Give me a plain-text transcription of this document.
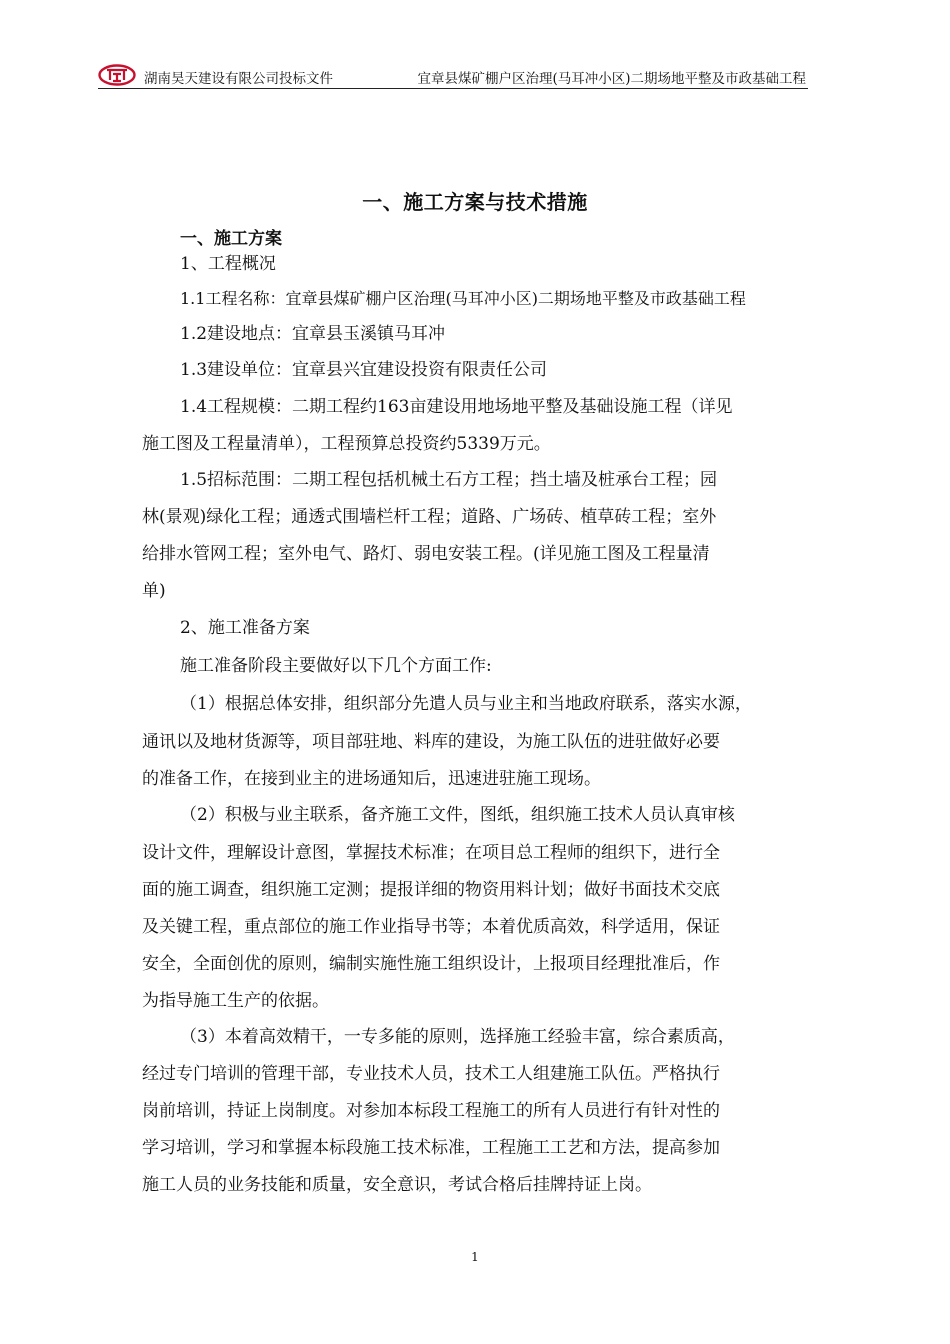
湖南昊天建设有限公司投标文件	宜章县煤矿棚户区治理(马耳冲小区)二期场地平整及市政基础工程
一、施工方案与技术措施
一、施工方案
1、工程概况
1.1工程名称：宜章县煤矿棚户区治理(马耳冲小区)二期场地平整及市政基础工程
1.2建设地点：宜章县玉溪镇马耳冲
1.3建设单位：宜章县兴宜建设投资有限责任公司
1.4工程规模：二期工程约163亩建设用地场地平整及基础设施工程（详见
施工图及工程量清单），工程预算总投资约5339万元。
1.5招标范围：二期工程包括机械土石方工程；挡土墙及桩承台工程；园
林(景观)绿化工程；通透式围墙栏杆工程；道路、广场砖、植草砖工程；室外
给排水管网工程；室外电气、路灯、弱电安装工程。(详见施工图及工程量清
单)
2、施工准备方案
施工准备阶段主要做好以下几个方面工作:
（1）根据总体安排，组织部分先遣人员与业主和当地政府联系，落实水源，
通讯以及地材货源等，项目部驻地、料库的建设，为施工队伍的进驻做好必要
的准备工作，在接到业主的进场通知后，迅速进驻施工现场。
（2）积极与业主联系，备齐施工文件，图纸，组织施工技术人员认真审核
设计文件，理解设计意图，掌握技术标准；在项目总工程师的组织下，进行全
面的施工调查，组织施工定测；提报详细的物资用料计划；做好书面技术交底
及关键工程，重点部位的施工作业指导书等；本着优质高效，科学适用，保证
安全，全面创优的原则，编制实施性施工组织设计，上报项目经理批准后，作
为指导施工生产的依据。
（3）本着高效精干，一专多能的原则，选择施工经验丰富，综合素质高，
经过专门培训的管理干部，专业技术人员，技术工人组建施工队伍。严格执行
岗前培训，持证上岗制度。对参加本标段工程施工的所有人员进行有针对性的
学习培训，学习和掌握本标段施工技术标准，工程施工工艺和方法，提高参加
施工人员的业务技能和质量，安全意识，考试合格后挂牌持证上岗。
1
